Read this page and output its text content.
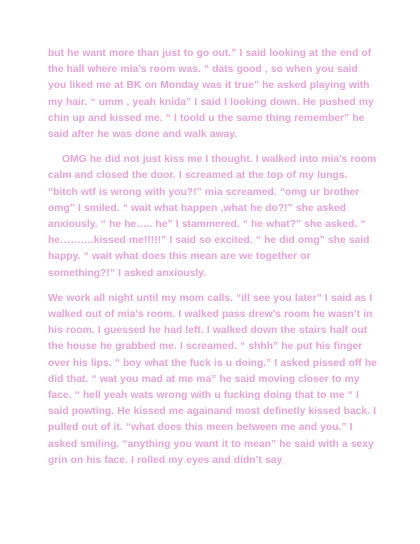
but he want more than just to go out.” I said looking at the end of the hall where mia’s room was. “ dats good , so when you said you liked me at BK on Monday was it true” he asked playing with my hair. “ umm , yeah knida” I said I looking down. He pushed my chin up and kissed me. “ I toold u the same thing remember” he said after he was done and walk away.

OMG he did not just kiss me I thought. I walked into mia’s room calm and closed the door. I screamed at the top of my lungs. “bitch wtf is wrong with you?!” mia screamed. “omg ur brother omg” I smiled. “ wait what happen ,what he do?!” she asked anxiously. “ he he….. he” I stammered. “ he what?” she asked. “ he……….kissed me!!!!!” I said so excited. “ he did omg” she said happy. “ wait what does this mean are we together or something?!” I asked anxiously.

We work all night until my mom calls. “ill see you later” I said as I walked out of mia’s room. I walked pass drew’s room he wasn’t in his room. I guessed he had left. I walked down the stairs half out the house he grabbed me. I screamed. “ shhh” he put his finger over his lips. “ boy what the fuck is u doing.” I asked pissed off he did that. “ wat you mad at me ma” he said moving closer to my face. “ hell yeah wats wrong with u fucking doing that to me “ I said powting. He kissed me againand most definetly kissed back. I pulled out of it. “what does this meen between me and you.” I asked smiling. “anything you want it to mean” he said with a sexy grin on his face. I rolled my eyes and didn’t say
